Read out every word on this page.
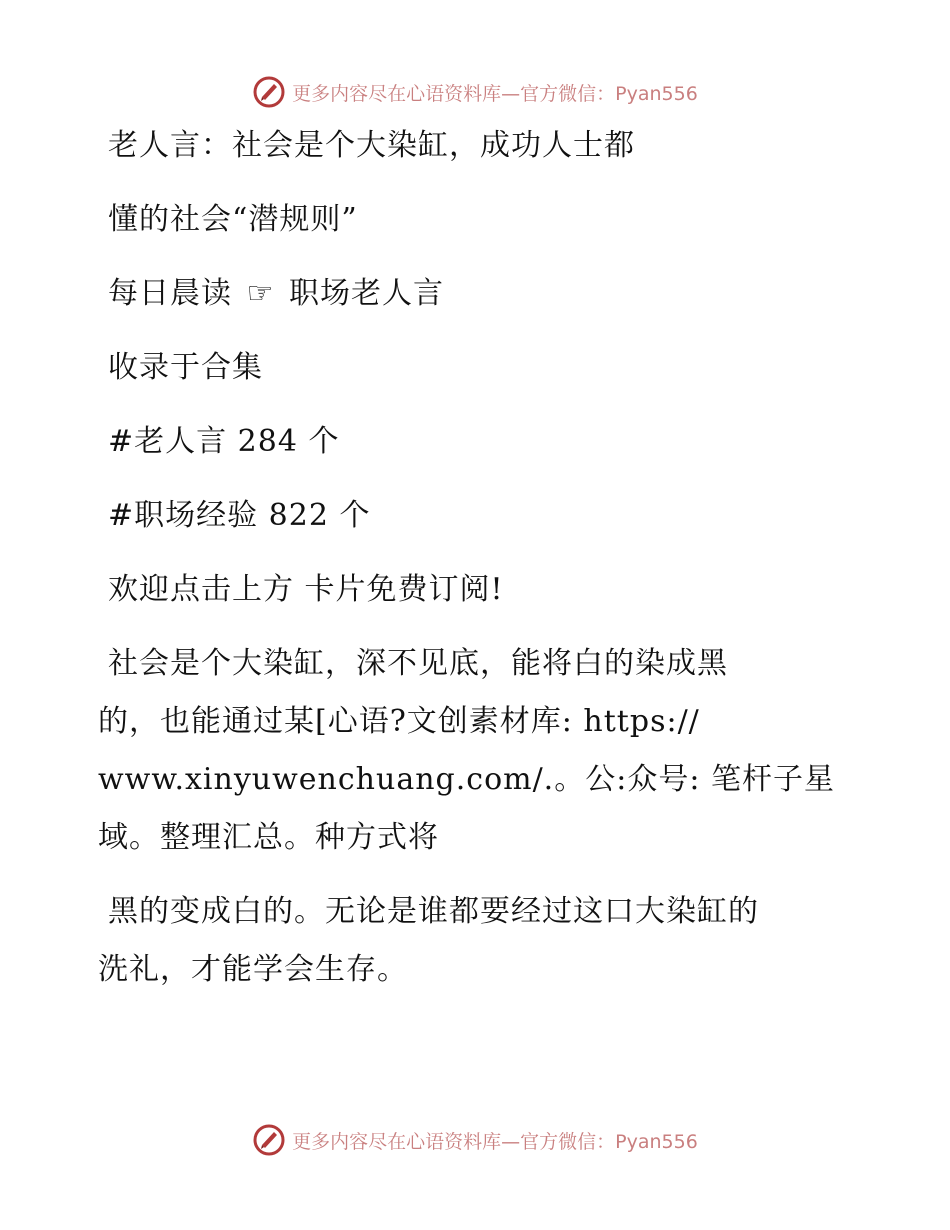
更多内容尽在心语资料库—官方微信：Pyan556
老人言：社会是个大染缸，成功人士都
懂的社会“潜规则”
每日晨读 ☞ 职场老人言
收录于合集
#老人言 284 个
#职场经验 822 个
欢迎点击上方 卡片免费订阅!
社会是个大染缸，深不见底，能将白的染成黑
的，也能通过某[心语?文创素材库: https://
www.xinyuwenchuang.com/.。公:众号: 笔杆子星
域。整理汇总。种方式将
黑的变成白的。无论是谁都要经过这口大染缸的
洗礼，才能学会生存。
更多内容尽在心语资料库—官方微信：Pyan556
